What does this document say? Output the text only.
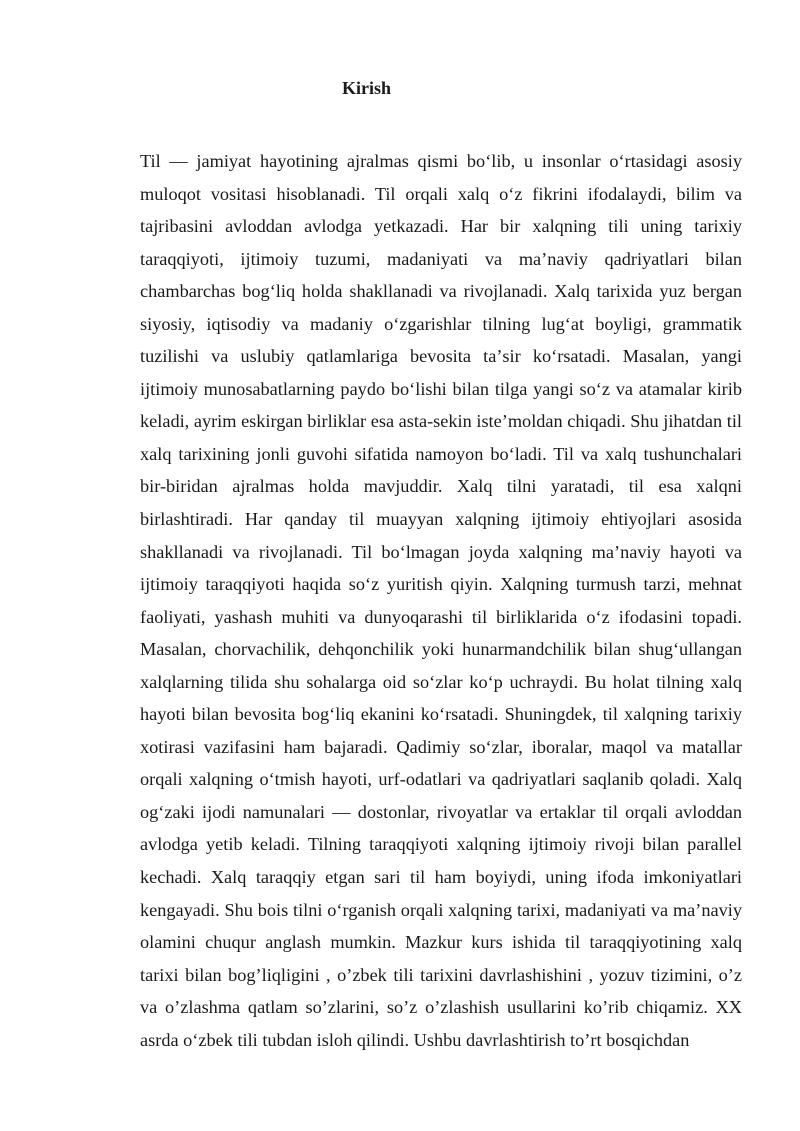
Kirish

Til — jamiyat hayotining ajralmas qismi boʻlib, u insonlar oʻrtasidagi asosiy muloqot vositasi hisoblanadi. Til orqali xalq oʻz fikrini ifodalaydi, bilim va tajribasini avloddan avlodga yetkazadi. Har bir xalqning tili uning tarixiy taraqqiyoti, ijtimoiy tuzumi, madaniyati va maʼnaviy qadriyatlari bilan chambarchas bogʻliq holda shakllanadi va rivojlanadi. Xalq tarixida yuz bergan siyosiy, iqtisodiy va madaniy oʻzgarishlar tilning lugʻat boyligi, grammatik tuzilishi va uslubiy qatlamlariga bevosita taʼsir koʻrsatadi. Masalan, yangi ijtimoiy munosabatlarning paydo boʻlishi bilan tilga yangi soʻz va atamalar kirib keladi, ayrim eskirgan birliklar esa asta-sekin isteʼmoldan chiqadi. Shu jihatdan til xalq tarixining jonli guvohi sifatida namoyon boʻladi. Til va xalq tushunchalari bir-biridan ajralmas holda mavjuddir. Xalq tilni yaratadi, til esa xalqni birlashtiradi. Har qanday til muayyan xalqning ijtimoiy ehtiyojlari asosida shakllanadi va rivojlanadi. Til boʻlmagan joyda xalqning maʼnaviy hayoti va ijtimoiy taraqqiyoti haqida soʻz yuritish qiyin. Xalqning turmush tarzi, mehnat faoliyati, yashash muhiti va dunyoqarashi til birliklarida oʻz ifodasini topadi. Masalan, chorvachilik, dehqonchilik yoki hunarmandchilik bilan shugʻullangan xalqlarning tilida shu sohalarga oid soʻzlar koʻp uchraydi. Bu holat tilning xalq hayoti bilan bevosita bogʻliq ekanini koʻrsatadi. Shuningdek, til xalqning tarixiy xotirasi vazifasini ham bajaradi. Qadimiy soʻzlar, iboralar, maqol va matallar orqali xalqning oʻtmish hayoti, urf-odatlari va qadriyatlari saqlanib qoladi. Xalq ogʻzaki ijodi namunalari — dostonlar, rivoyatlar va ertaklar til orqali avloddan avlodga yetib keladi. Tilning taraqqiyoti xalqning ijtimoiy rivoji bilan parallel kechadi. Xalq taraqqiy etgan sari til ham boyiydi, uning ifoda imkoniyatlari kengayadi. Shu bois tilni oʻrganish orqali xalqning tarixi, madaniyati va maʼnaviy olamini chuqur anglash mumkin. Mazkur kurs ishida til taraqqiyotining xalq tarixi bilan bog’liqligini , o’zbek tili tarixini davrlashishini , yozuv tizimini, o’z va o’zlashma qatlam so’zlarini, so’z o’zlashish usullarini ko’rib chiqamiz. XX asrda oʻzbek tili tubdan isloh qilindi. Ushbu davrlashtirish to’rt bosqichdan
